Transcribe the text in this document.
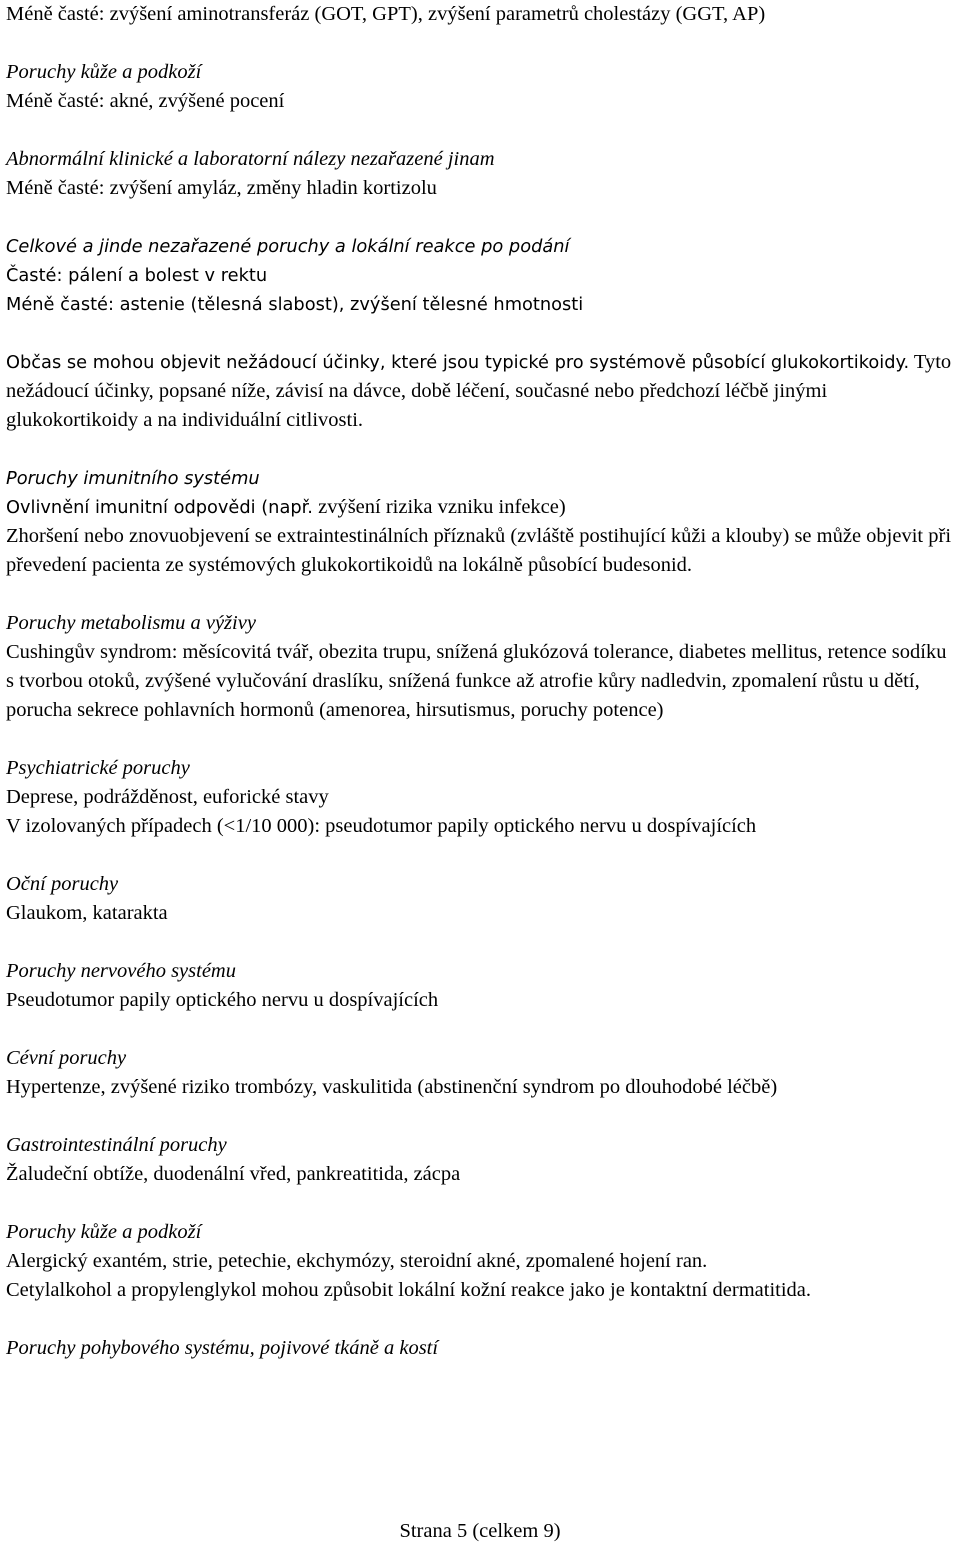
Méně časté: zvýšení aminotransferáz (GOT, GPT), zvýšení parametrů cholestázy (GGT, AP)

Poruchy kůže a podkoží

Méně časté: akné, zvýšené pocení

Abnormální klinické a laboratorní nálezy nezařazené jinam

Méně časté: zvýšení amyláz, změny hladin kortizolu

Celkové a jinde nezařazené poruchy a lokální reakce po podání

Časté: pálení a bolest v rektu

Méně časté: astenie (tělesná slabost), zvýšení tělesné hmotnosti

Občas se mohou objevit nežádoucí účinky, které jsou typické pro systémově působící glukokortikoidy. Tyto nežádoucí účinky, popsané níže, závisí na dávce, době léčení, současné nebo předchozí léčbě jinými glukokortikoidy a na individuální citlivosti.

Poruchy imunitního systému

Ovlivnění imunitní odpovědi (např. zvýšení rizika vzniku infekce)

Zhoršení nebo znovuobjevení se extraintestinálních příznaků (zvláště postihující kůži a klouby) se může objevit při převedení pacienta ze systémových glukokortikoidů na lokálně působící budesonid.

Poruchy metabolismu a výživy

Cushingův syndrom: měsícovitá tvář, obezita trupu, snížená glukózová tolerance, diabetes mellitus, retence sodíku s tvorbou otoků, zvýšené vylučování draslíku, snížená funkce až atrofie kůry nadledvin, zpomalení růstu u dětí, porucha sekrece pohlavních hormonů (amenorea, hirsutismus, poruchy potence)

Psychiatrické poruchy

Deprese, podrážděnost, euforické stavy

V izolovaných případech (<1/10 000): pseudotumor papily optického nervu u dospívajících

Oční poruchy

Glaukom, katarakta

Poruchy nervového systému

Pseudotumor papily optického nervu u dospívajících

Cévní poruchy

Hypertenze, zvýšené riziko trombózy, vaskulitida (abstinenční syndrom po dlouhodobé léčbě)

Gastrointestinální poruchy

Žaludeční obtíže, duodenální vřed, pankreatitida, zácpa

Poruchy kůže a podkoží

Alergický exantém, strie, petechie, ekchymózy, steroidní akné, zpomalené hojení ran.

Cetylalkohol a propylenglykol mohou způsobit lokální kožní reakce jako je kontaktní dermatitida.

Poruchy pohybového systému, pojivové tkáně a kostí

Strana 5 (celkem 9)
